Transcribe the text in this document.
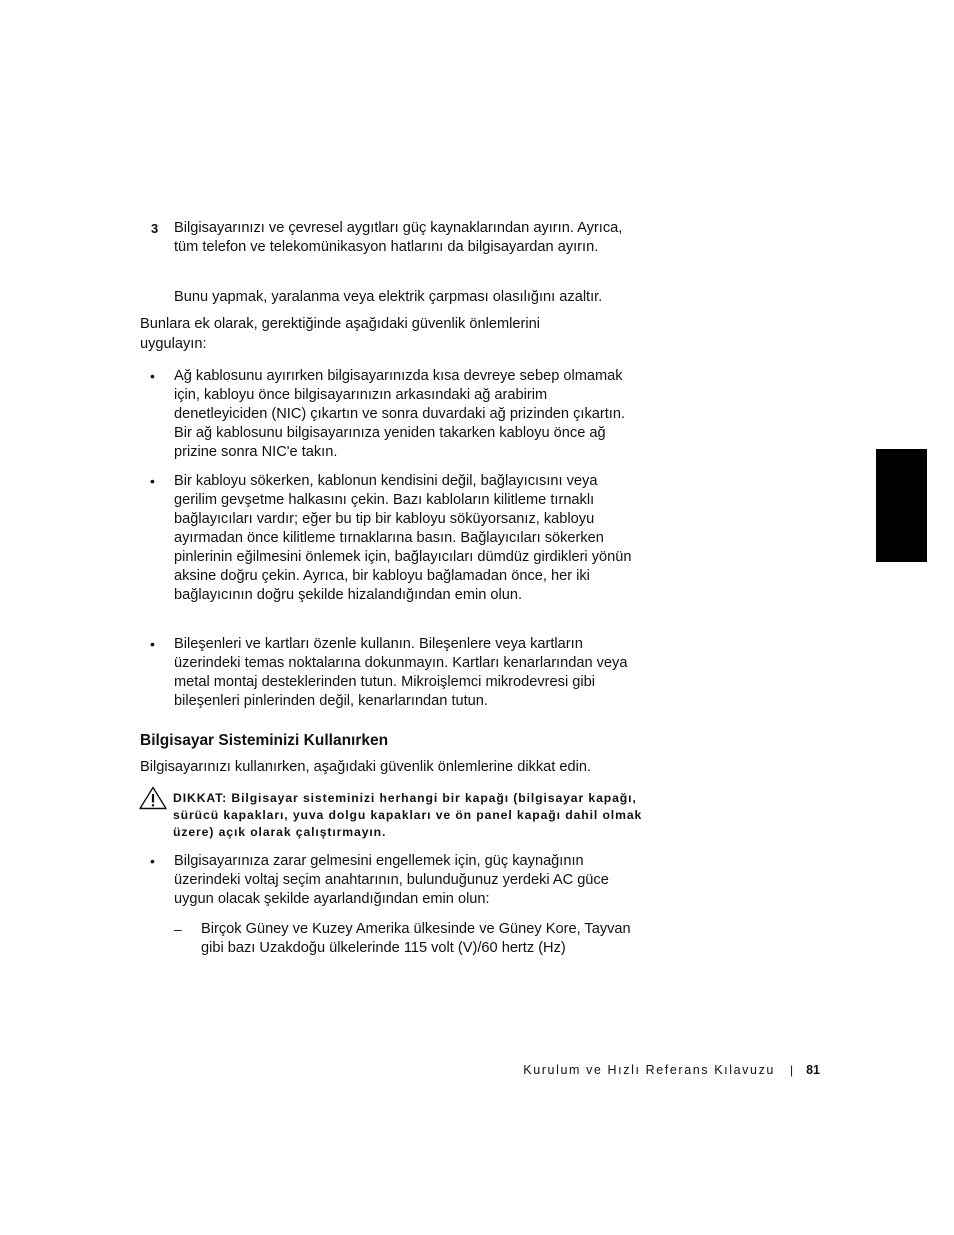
3 Bilgisayarınızı ve çevresel aygıtları güç kaynaklarından ayırın. Ayrıca, tüm telefon ve telekomünikasyon hatlarını da bilgisayardan ayırın.
Bunu yapmak, yaralanma veya elektrik çarpması olasılığını azaltır.
Bunlara ek olarak, gerektiğinde aşağıdaki güvenlik önlemlerini uygulayın:
• Ağ kablosunu ayırırken bilgisayarınızda kısa devreye sebep olmamak için, kabloyu önce bilgisayarınızın arkasındaki ağ arabirim denetleyiciden (NIC) çıkartın ve sonra duvardaki ağ prizinden çıkartın. Bir ağ kablosunu bilgisayarınıza yeniden takarken kabloyu önce ağ prizine sonra NIC'e takın.
• Bir kabloyu sökerken, kablonun kendisini değil, bağlayıcısını veya gerilim gevşetme halkasını çekin. Bazı kabloların kilitleme tırnaklı bağlayıcıları vardır; eğer bu tip bir kabloyu söküyorsanız, kabloyu ayırmadan önce kilitleme tırnaklarına basın. Bağlayıcıları sökerken pinlerinin eğilmesini önlemek için, bağlayıcıları dümdüz girdikleri yönün aksine doğru çekin. Ayrıca, bir kabloyu bağlamadan önce, her iki bağlayıcının doğru şekilde hizalandığından emin olun.
• Bileşenleri ve kartları özenle kullanın. Bileşenlere veya kartların üzerindeki temas noktalarına dokunmayın. Kartları kenarlarından veya metal montaj desteklerinden tutun. Mikroişlemci mikrodevresi gibi bileşenleri pinlerinden değil, kenarlarından tutun.
Bilgisayar Sisteminizi Kullanırken
Bilgisayarınızı kullanırken, aşağıdaki güvenlik önlemlerine dikkat edin.
DIKKAT: Bilgisayar sisteminizi herhangi bir kapağı (bilgisayar kapağı, sürücü kapakları, yuva dolgu kapakları ve ön panel kapağı dahil olmak üzere) açık olarak çalıştırmayın.
• Bilgisayarınıza zarar gelmesini engellemek için, güç kaynağının üzerindeki voltaj seçim anahtarının, bulunduğunuz yerdeki AC güce uygun olacak şekilde ayarlandığından emin olun:
– Birçok Güney ve Kuzey Amerika ülkesinde ve Güney Kore, Tayvan gibi bazı Uzakdoğu ülkelerinde 115 volt (V)/60 hertz (Hz)
Kurulum ve Hızlı Referans Kılavuzu | 81
